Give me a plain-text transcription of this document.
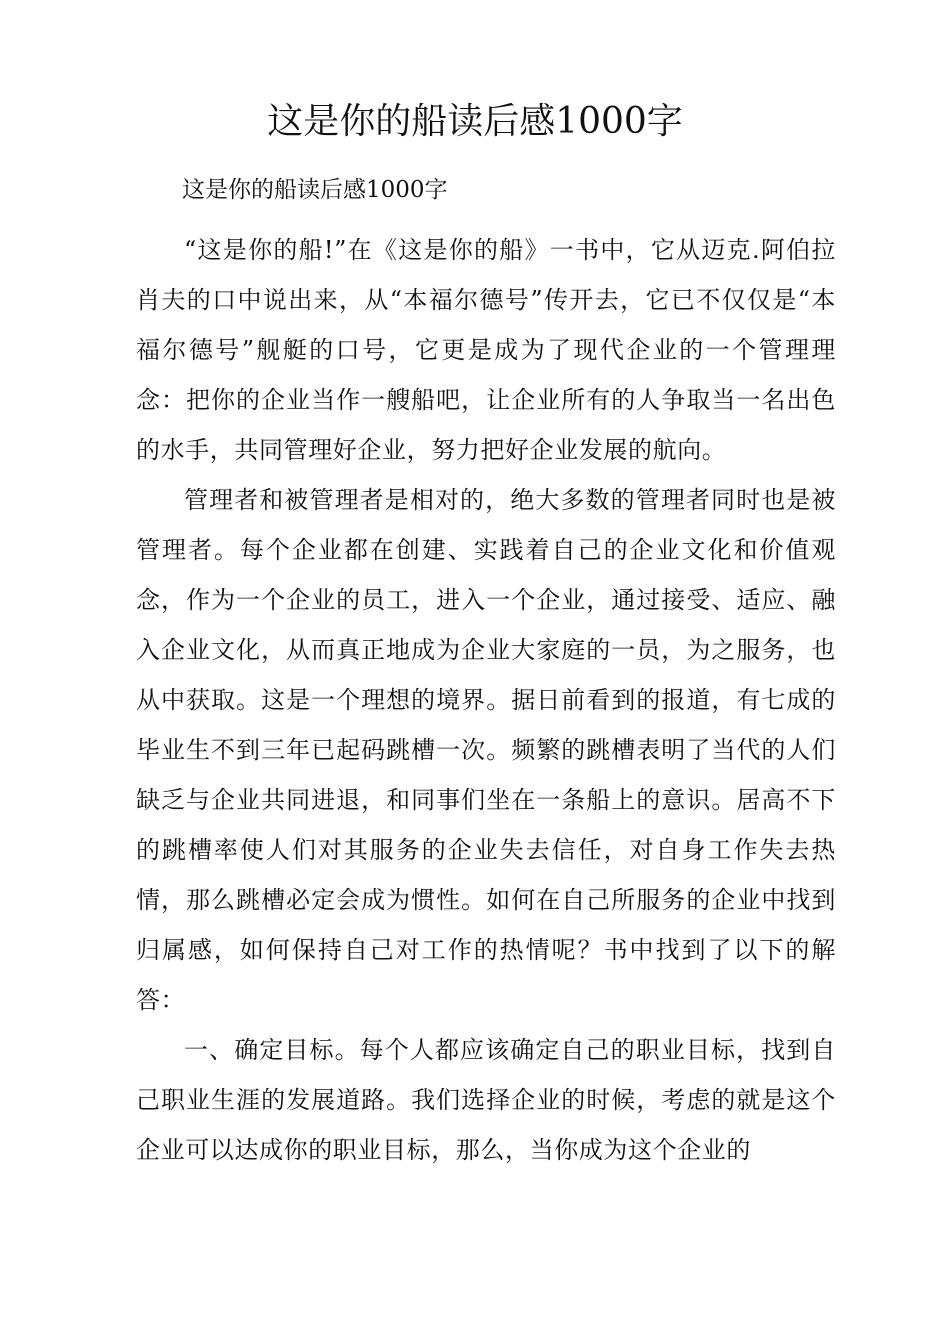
这是你的船读后感1000字
这是你的船读后感1000字

“这是你的船!”在《这是你的船》一书中，它从迈克.阿伯拉肖夫的口中说出来，从“本福尔德号”传开去，它已不仅仅是“本福尔德号”舰艇的口号，它更是成为了现代企业的一个管理理念：把你的企业当作一艘船吧，让企业所有的人争取当一名出色的水手，共同管理好企业，努力把好企业发展的航向。

管理者和被管理者是相对的，绝大多数的管理者同时也是被管理者。每个企业都在创建、实践着自己的企业文化和价值观念，作为一个企业的员工，进入一个企业，通过接受、适应、融入企业文化，从而真正地成为企业大家庭的一员，为之服务，也从中获取。这是一个理想的境界。据日前看到的报道，有七成的毕业生不到三年已起码跳槽一次。频繁的跳槽表明了当代的人们缺乏与企业共同进退，和同事们坐在一条船上的意识。居高不下的跳槽率使人们对其服务的企业失去信任，对自身工作失去热情，那么跳槽必定会成为惯性。如何在自己所服务的企业中找到归属感，如何保持自己对工作的热情呢？书中找到了以下的解答：

一、确定目标。每个人都应该确定自己的职业目标，找到自己职业生涯的发展道路。我们选择企业的时候，考虑的就是这个企业可以达成你的职业目标，那么，当你成为这个企业的
